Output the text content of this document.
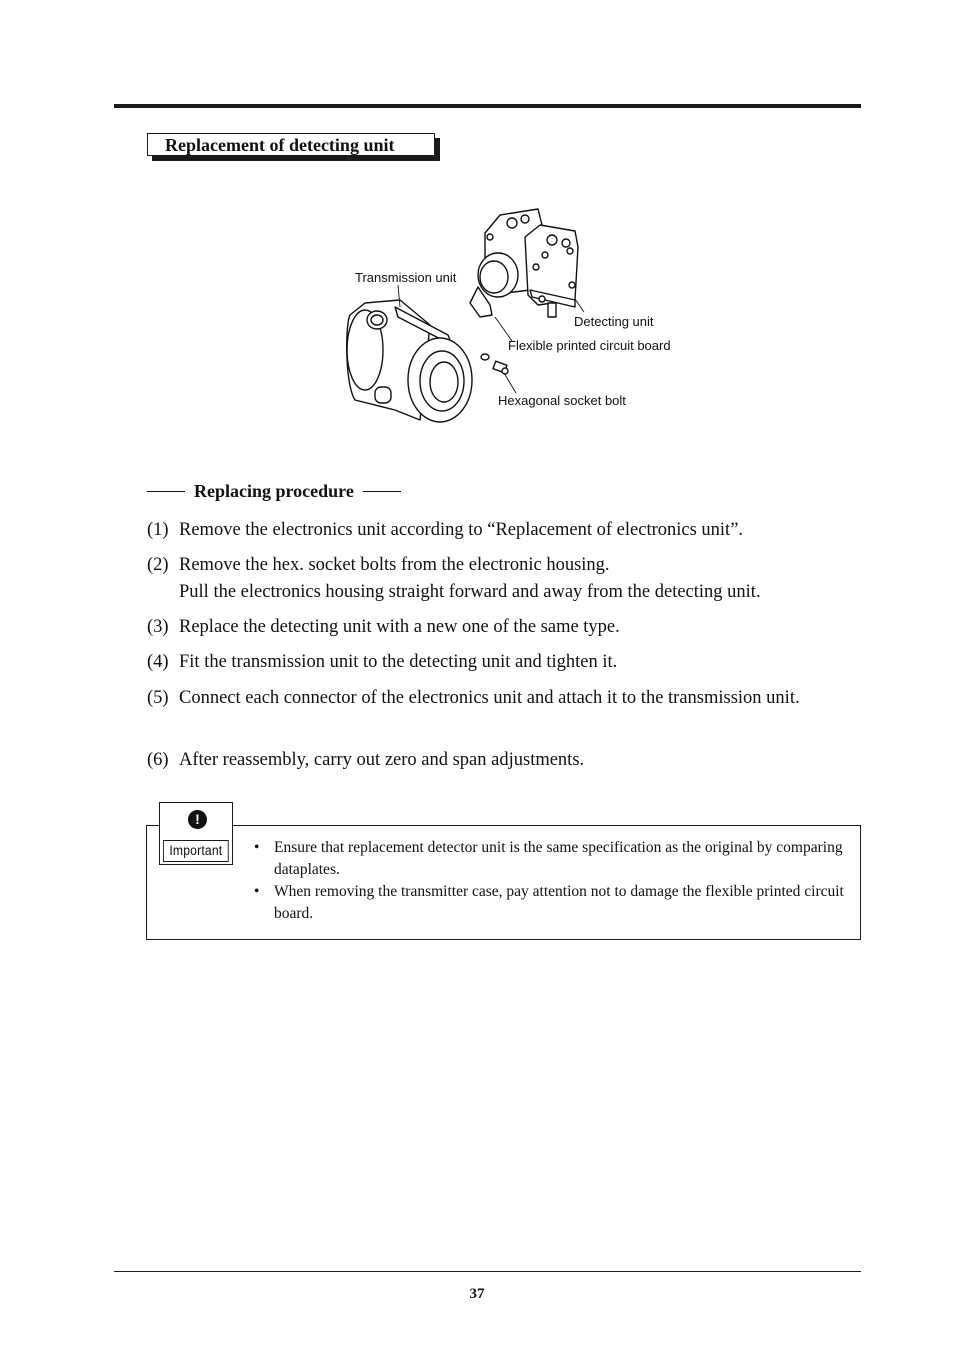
Replacement of detecting unit
Transmission unit
Detecting unit
Flexible printed circuit board
Hexagonal socket bolt
Replacing procedure
(1) Remove the electronics unit according to “Replacement of electronics unit”.
(2) Remove the hex. socket bolts from the electronic housing.
Pull the electronics housing straight forward and away from the detecting unit.
(3) Replace the detecting unit with a new one of the same type.
(4) Fit the transmission unit to the detecting unit and tighten it.
(5) Connect each connector of the electronics unit and attach it to the transmission unit.
(6) After reassembly, carry out zero and span adjustments.
!
Important	• Ensure that replacement detector unit is the same specification as the original by comparing dataplates.
• When removing the transmitter case, pay attention not to damage the flexible printed circuit board.
37
